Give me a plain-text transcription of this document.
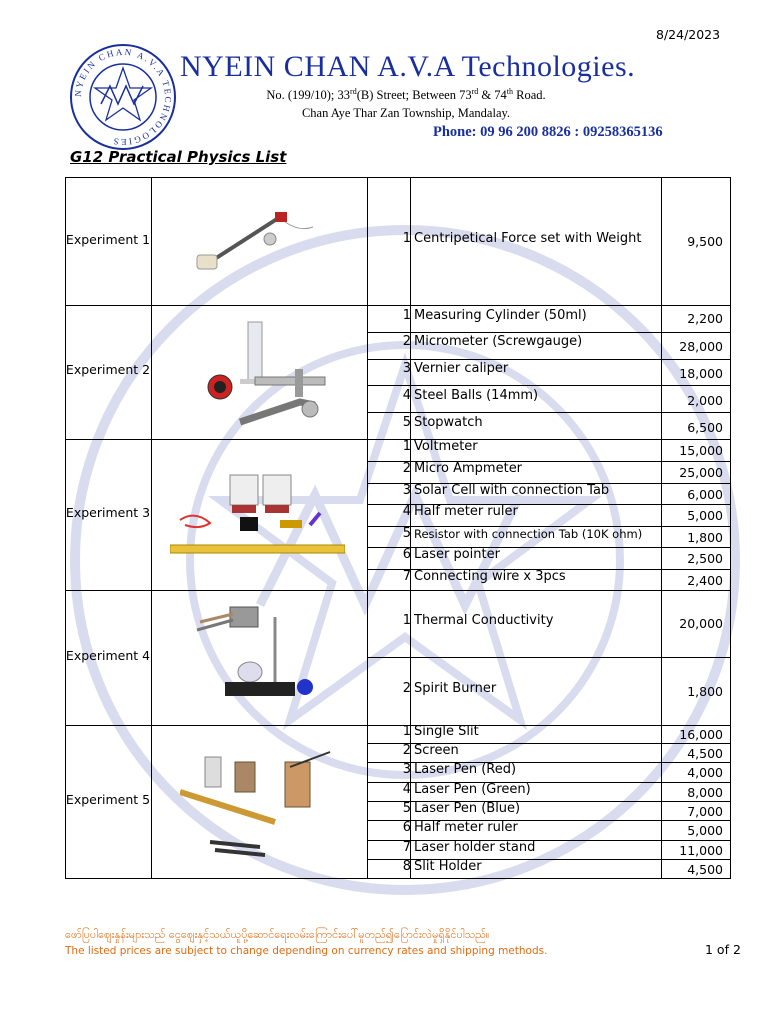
8/24/2023
NYEIN CHAN A.V.A TECHNOLOGIES
NYEIN CHAN A.V.A Technologies.
No. (199/10); 33rd(B) Street; Between 73rd & 74th Road.
Chan Aye Thar Zan Township, Mandalay.
Phone: 09 96 200 8826 : 09258365136
G12 Practical Physics List
Experiment 1	1 Centripetical Force set with Weight	9,500
Experiment 2
1 Measuring Cylinder (50ml)	2,200
2 Micrometer (Screwgauge)	28,000
3 Vernier caliper	18,000
4 Steel Balls (14mm)	2,000
5 Stopwatch	6,500
Experiment 3
1 Voltmeter	15,000
2 Micro Ampmeter	25,000
3 Solar Cell with connection Tab	6,000
4 Half meter ruler	5,000
5 Resistor with connection Tab (10K ohm)	1,800
6 Laser pointer	2,500
7 Connecting wire x 3pcs	2,400
Experiment 4
1 Thermal Conductivity	20,000
2 Spirit Burner	1,800
Experiment 5
1 Single Slit	16,000
2 Screen	4,500
3 Laser Pen (Red)	4,000
4 Laser Pen (Green)	8,000
5 Laser Pen (Blue)	7,000
6 Half meter ruler	5,000
7 Laser holder stand	11,000
8 Slit Holder	4,500
ဖော်ပြပါဈေးနှုန်းများသည် ငွေဈေးနှင့်သယ်ယူပို့ဆောင်ရေးလမ်းကြောင်းပေါ်မူတည်၍ပြောင်းလဲမှုရှိနိုင်ပါသည်။
The listed prices are subject to change depending on currency rates and shipping methods.	1 of 2
